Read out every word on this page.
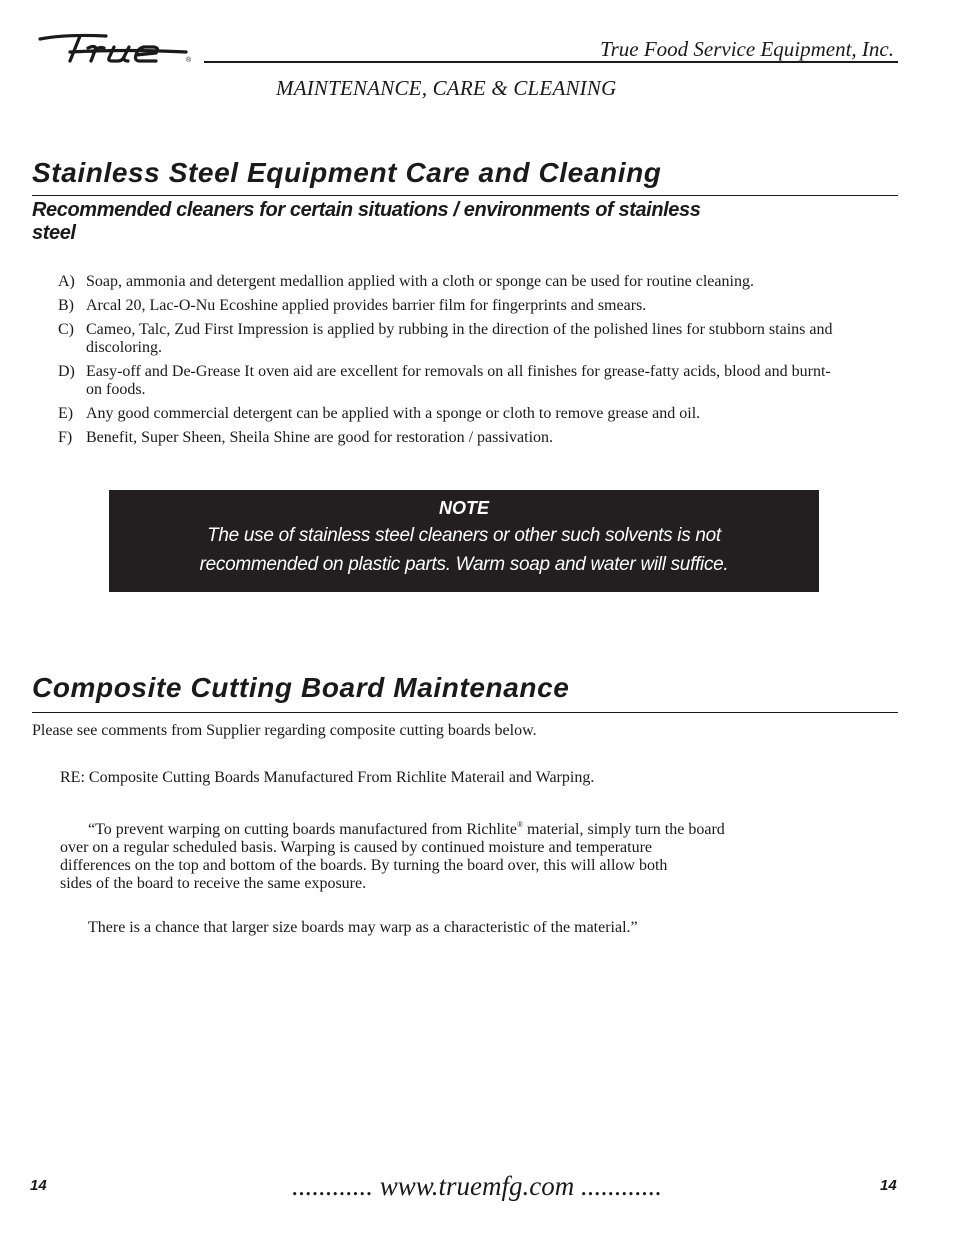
®	True Food Service Equipment, Inc.
MAINTENANCE, CARE & CLEANING
Stainless Steel Equipment Care and Cleaning
Recommended cleaners for certain situations / environments of stainless steel
A) Soap, ammonia and detergent medallion applied with a cloth or sponge can be used for routine cleaning.
B) Arcal 20, Lac-O-Nu Ecoshine applied provides barrier film for fingerprints and smears.
C) Cameo, Talc, Zud First Impression is applied by rubbing in the direction of the polished lines for stubborn stains and discoloring.
D) Easy-off and De-Grease It oven aid are excellent for removals on all finishes for grease-fatty acids, blood and burnt-on foods.
E) Any good commercial detergent can be applied with a sponge or cloth to remove grease and oil.
F) Benefit, Super Sheen, Sheila Shine are good for restoration / passivation.
NOTE
The use of stainless steel cleaners or other such solvents is not
recommended on plastic parts. Warm soap and water will suffice.
Composite Cutting Board Maintenance
Please see comments from Supplier regarding composite cutting boards below.
RE: Composite Cutting Boards Manufactured From Richlite Materail and Warping.
“To prevent warping on cutting boards manufactured from Richlite® material, simply turn the board
over on a regular scheduled basis. Warping is caused by continued moisture and temperature
differences on the top and bottom of the boards. By turning the board over, this will allow both
sides of the board to receive the same exposure.
There is a chance that larger size boards may warp as a characteristic of the material.”
14	............ www.truemfg.com ............	14
